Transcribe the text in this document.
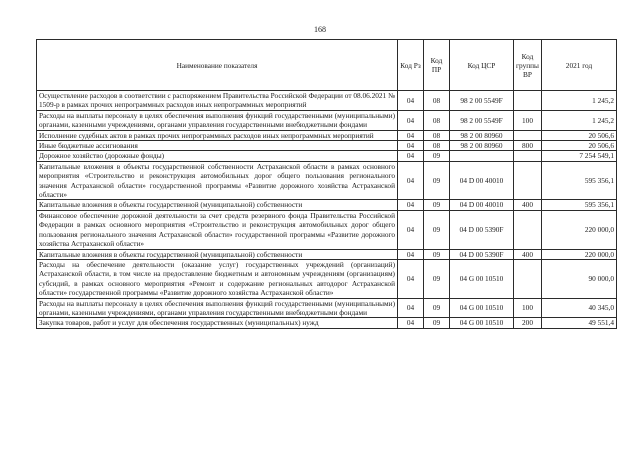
168
Наименование показателя	Код Рз	Код ПР	Код ЦСР	Код группы ВР	2021 год
Осуществление расходов в соответствии с распоряжением Правительства Российской Федерации от 08.06.2021 № 1509-р в рамках прочих непрограммных расходов иных непрограммных мероприятий	04	08	98 2 00 5549F		1 245,2
Расходы на выплаты персоналу в целях обеспечения выполнения функций государственными (муниципальными) органами, казенными учреждениями, органами управления государственными внебюджетными фондами	04	08	98 2 00 5549F	100	1 245,2
Исполнение судебных актов в рамках прочих непрограммных расходов иных непрограммных мероприятий	04	08	98 2 00 80960		20 506,6
Иные бюджетные ассигнования	04	08	98 2 00 80960	800	20 506,6
Дорожное хозяйство (дорожные фонды)	04	09			7 254 549,1
Капитальные вложения в объекты государственной собственности Астраханской области в рамках основного мероприятия «Строительство и реконструкция автомобильных дорог общего пользования регионального значения Астраханской области» государственной программы «Развитие дорожного хозяйства Астраханской области»	04	09	04 D 00 40010		595 356,1
Капитальные вложения в объекты государственной (муниципальной) собственности	04	09	04 D 00 40010	400	595 356,1
Финансовое обеспечение дорожной деятельности за счет средств резервного фонда Правительства Российской Федерации в рамках основного мероприятия «Строительство и реконструкция автомобильных дорог общего пользования регионального значения Астраханской области» государственной программы «Развитие дорожного хозяйства Астраханской области»	04	09	04 D 00 5390F		220 000,0
Капитальные вложения в объекты государственной (муниципальной) собственности	04	09	04 D 00 5390F	400	220 000,0
Расходы на обеспечение деятельности (оказание услуг) государственных учреждений (организаций) Астраханской области, в том числе на предоставление бюджетным и автономным учреждениям (организациям) субсидий, в рамках основного мероприятия «Ремонт и содержание региональных автодорог Астраханской области» государственной программы «Развитие дорожного хозяйства Астраханской области»	04	09	04 G 00 10510		90 000,0
Расходы на выплаты персоналу в целях обеспечения выполнения функций государственными (муниципальными) органами, казенными учреждениями, органами управления государственными внебюджетными фондами	04	09	04 G 00 10510	100	40 345,0
Закупка товаров, работ и услуг для обеспечения государственных (муниципальных) нужд	04	09	04 G 00 10510	200	49 551,4
